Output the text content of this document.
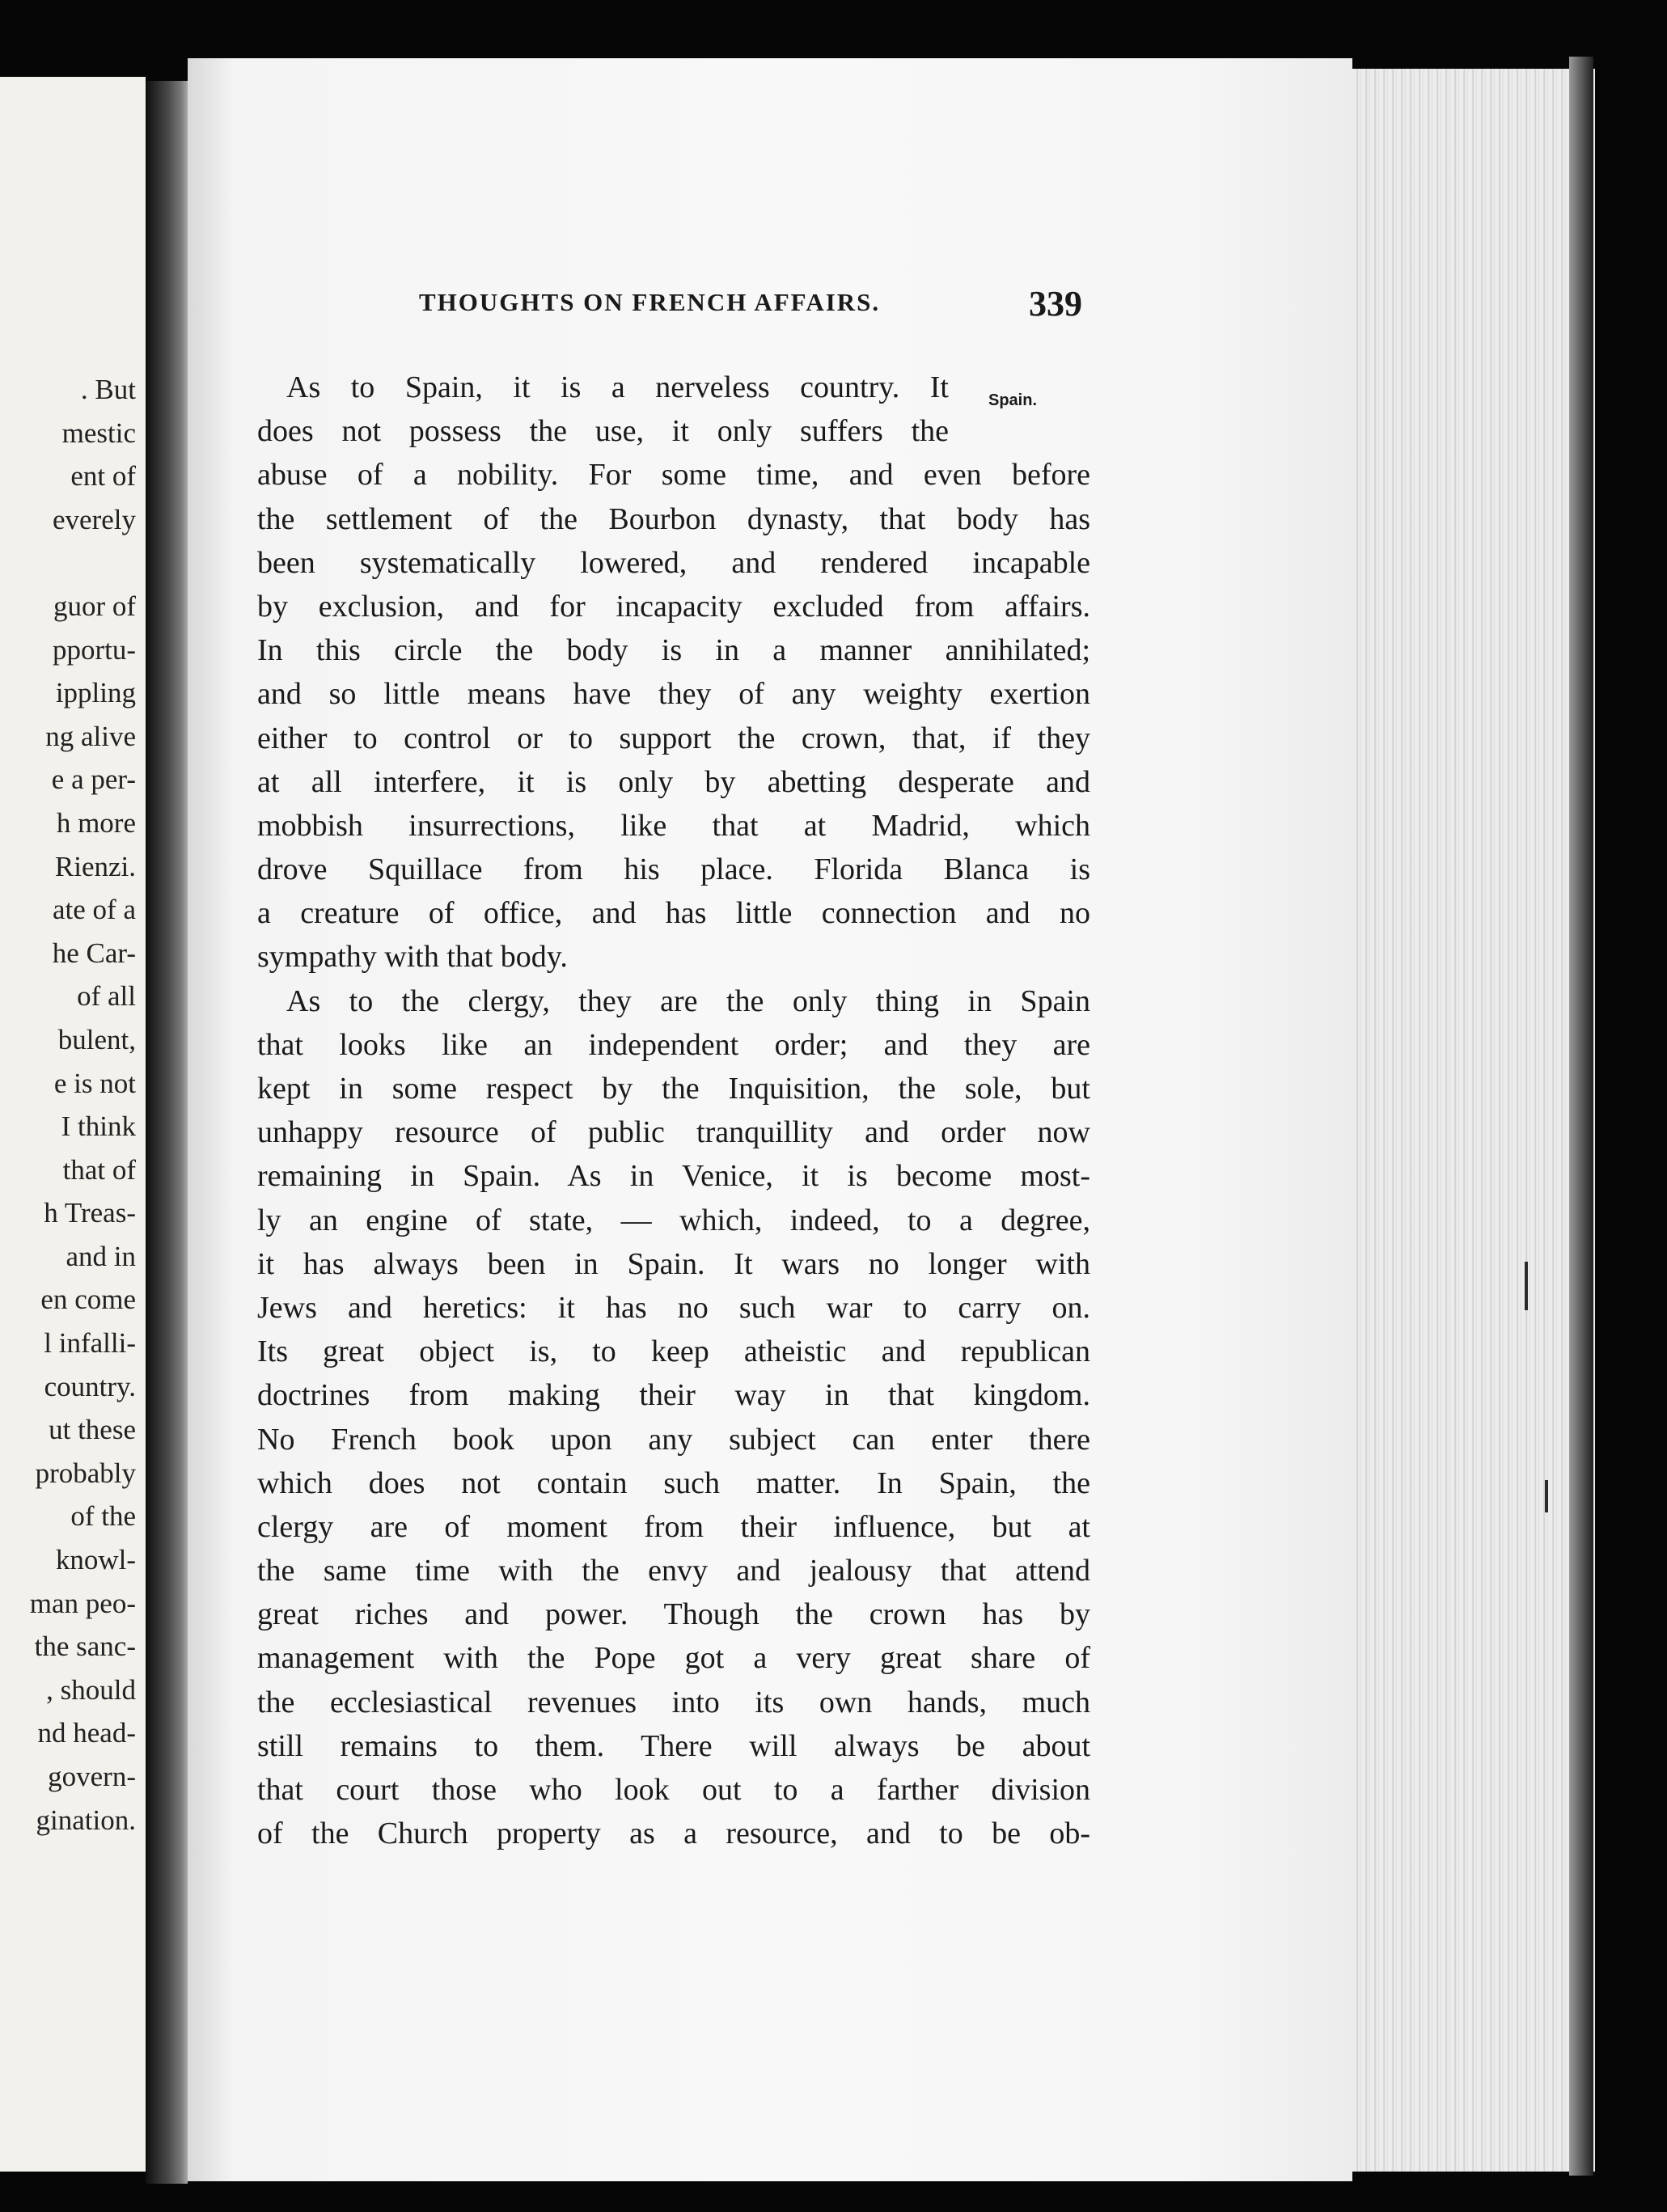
. But
mestic
ent of
everely

guor of
pportu-
ippling
ng alive
e a per-
h more
Rienzi.
ate of a
he Car-
of all
bulent,
e is not
I think
that of
h Treas-
and in
en come
l infalli-
country.
ut these
probably
of the
knowl-
man peo-
the sanc-
, should
nd head-
govern-
gination.
THOUGHTS ON FRENCH AFFAIRS.	339
Spain.
As to Spain, it is a nerveless country. It
does not possess the use, it only suffers the
abuse of a nobility. For some time, and even before
the settlement of the Bourbon dynasty, that body has
been systematically lowered, and rendered incapable
by exclusion, and for incapacity excluded from affairs.
In this circle the body is in a manner annihilated;
and so little means have they of any weighty exertion
either to control or to support the crown, that, if they
at all interfere, it is only by abetting desperate and
mobbish insurrections, like that at Madrid, which
drove Squillace from his place. Florida Blanca is
a creature of office, and has little connection and no
sympathy with that body.
As to the clergy, they are the only thing in Spain
that looks like an independent order; and they are
kept in some respect by the Inquisition, the sole, but
unhappy resource of public tranquillity and order now
remaining in Spain. As in Venice, it is become most-
ly an engine of state, — which, indeed, to a degree,
it has always been in Spain. It wars no longer with
Jews and heretics: it has no such war to carry on.
Its great object is, to keep atheistic and republican
doctrines from making their way in that kingdom.
No French book upon any subject can enter there
which does not contain such matter. In Spain, the
clergy are of moment from their influence, but at
the same time with the envy and jealousy that attend
great riches and power. Though the crown has by
management with the Pope got a very great share of
the ecclesiastical revenues into its own hands, much
still remains to them. There will always be about
that court those who look out to a farther division
of the Church property as a resource, and to be ob-
